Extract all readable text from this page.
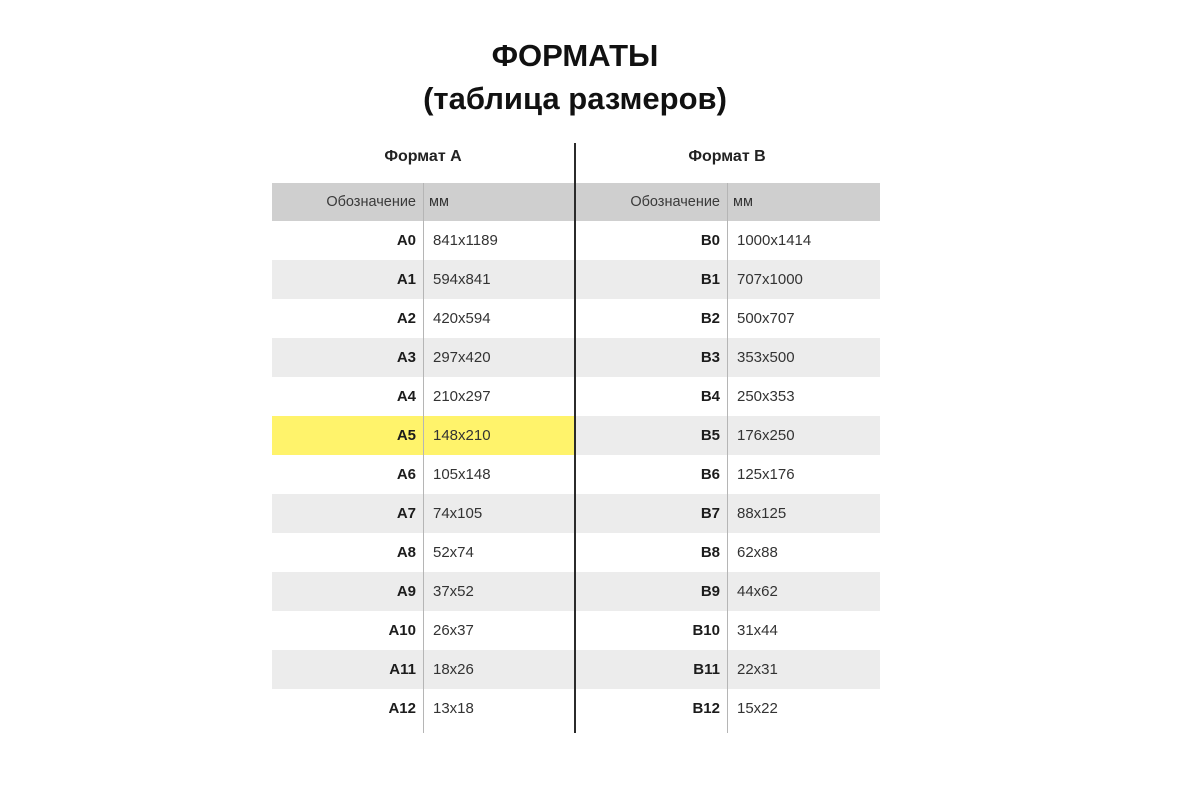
ФОРМАТЫ
(таблица размеров)
Формат А
Обозначение мм
A0	841x1189
A1	594x841
A2	420x594
A3	297x420
A4	210x297
A5	148x210
A6	105x148
A7	74x105
A8	52x74
A9	37x52
A10	26x37
A11	18x26
A12	13x18
Формат В
Обозначение мм
B0	1000x1414
B1	707x1000
B2	500x707
B3	353x500
B4	250x353
B5	176x250
B6	125x176
B7	88x125
B8	62x88
B9	44x62
B10	31x44
B11	22x31
B12	15x22
